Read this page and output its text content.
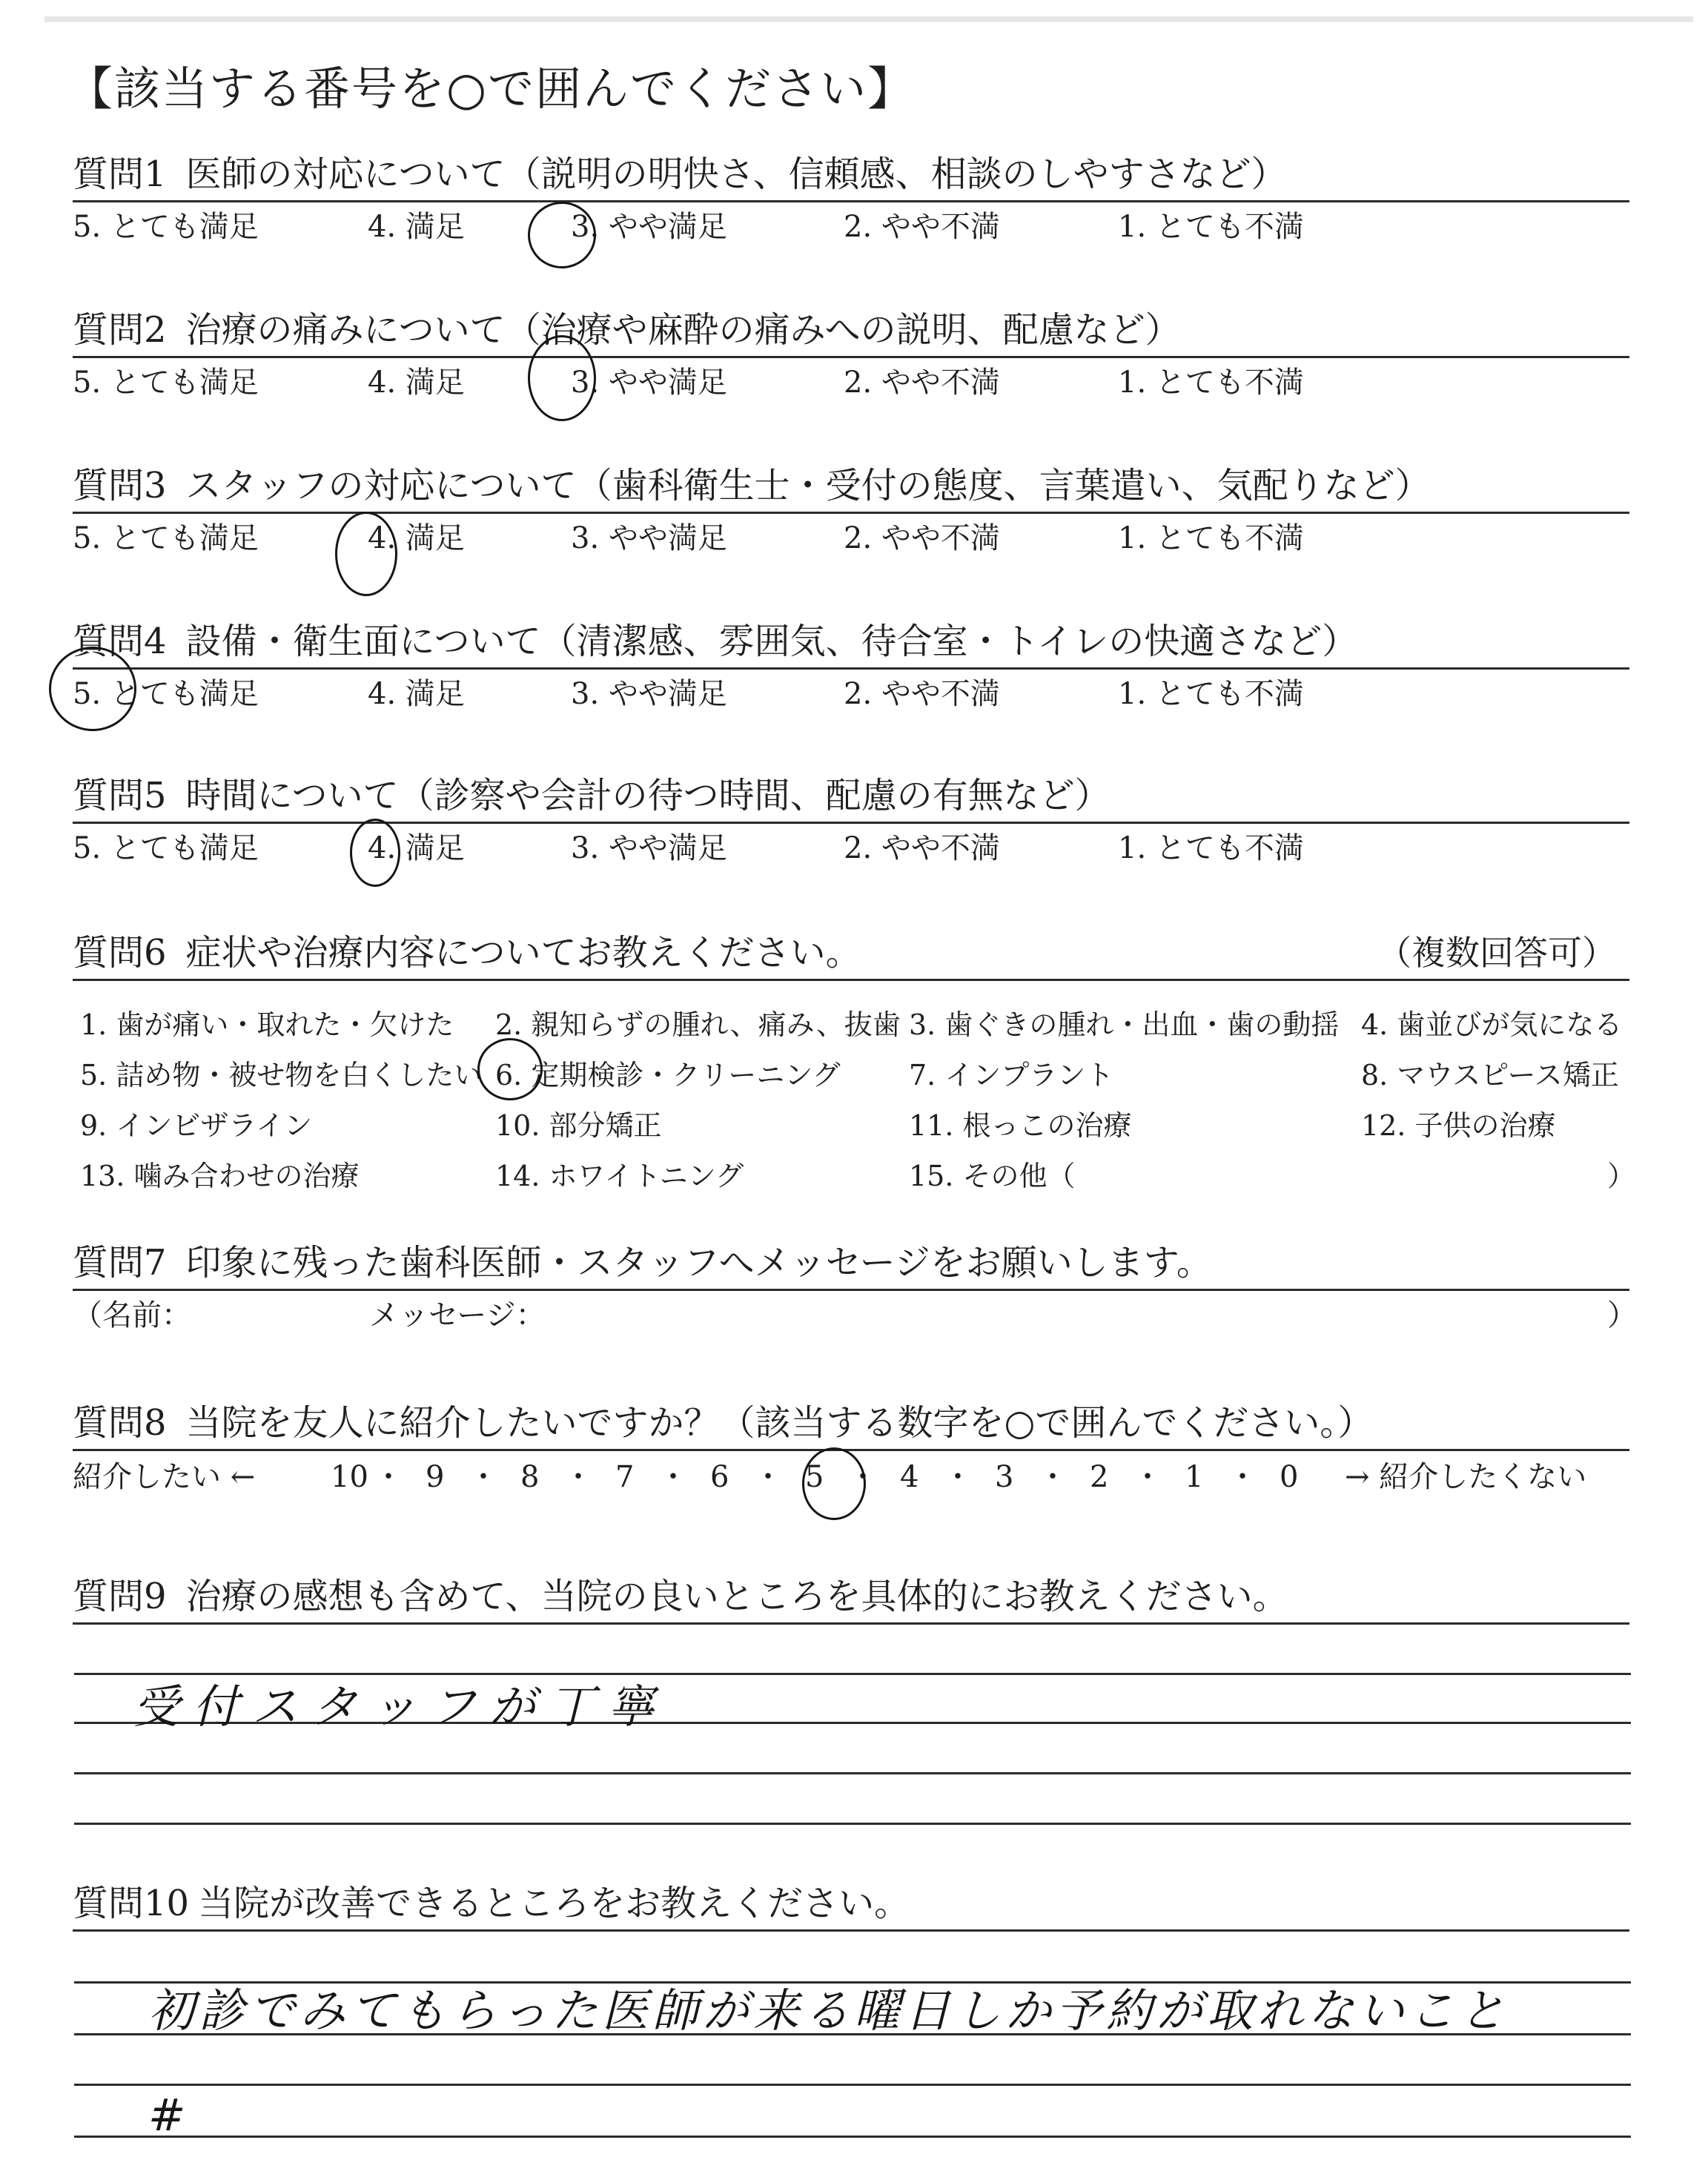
【該当する番号を○で囲んでください】
質問1 医師の対応について（説明の明快さ、信頼感、相談のしやすさなど）
5. とても満足	4. 満足	3. やや満足	2. やや不満	1. とても不満
質問2 治療の痛みについて（治療や麻酔の痛みへの説明、配慮など）
5. とても満足	4. 満足	3. やや満足	2. やや不満	1. とても不満
質問3 スタッフの対応について（歯科衛生士・受付の態度、言葉遣い、気配りなど）
5. とても満足	4. 満足	3. やや満足	2. やや不満	1. とても不満
質問4 設備・衛生面について（清潔感、雰囲気、待合室・トイレの快適さなど）
5. とても満足	4. 満足	3. やや満足	2. やや不満	1. とても不満
質問5 時間について（診察や会計の待つ時間、配慮の有無など）
5. とても満足	4. 満足	3. やや満足	2. やや不満	1. とても不満
質問6 症状や治療内容についてお教えください。	（複数回答可）
1. 歯が痛い・取れた・欠けた 2. 親知らずの腫れ、痛み、抜歯 3. 歯ぐきの腫れ・出血・歯の動揺 4. 歯並びが気になる
5. 詰め物・被せ物を白くしたい 6. 定期検診・クリーニング 7. インプラント	8. マウスピース矯正
9. インビザライン	10. 部分矯正	11. 根っこの治療	12. 子供の治療
13. 噛み合わせの治療	14. ホワイトニング	15. その他（	）
質問7 印象に残った歯科医師・スタッフへメッセージをお願いします。
（名前：	メッセージ：	）
質問8 当院を友人に紹介したいですか？（該当する数字を○で囲んでください。）
紹介したい ←	→ 紹介したくない
10 ・ 9 ・ 8 ・ 7 ・ 6 ・ 5 ・ 4 ・ 3 ・ 2 ・ 1 ・ 0
質問9 治療の感想も含めて、当院の良いところを具体的にお教えください。
受付スタッフが丁寧
質問10 当院が改善できるところをお教えください。
初診でみてもらった医師が来る曜日しか予約が取れないこと
#
